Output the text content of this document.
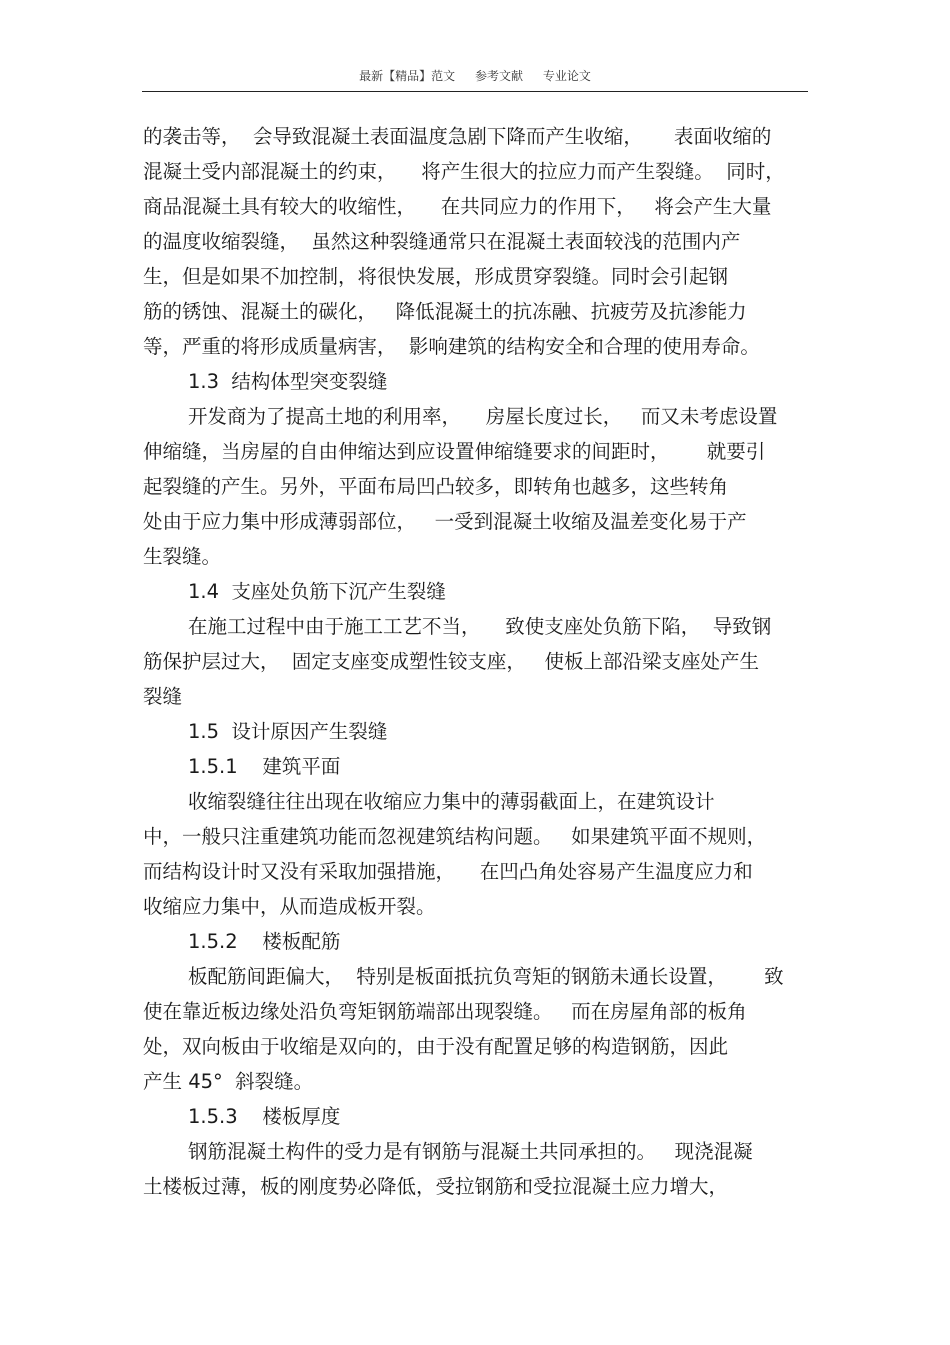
最新【精品】范文 参考文献 专业论文
的袭击等，  会导致混凝土表面温度急剧下降而产生收缩，     表面收缩的
混凝土受内部混凝土的约束，    将产生很大的拉应力而产生裂缝。  同时，
商品混凝土具有较大的收缩性，    在共同应力的作用下，   将会产生大量
的温度收缩裂缝，  虽然这种裂缝通常只在混凝土表面较浅的范围内产
生，但是如果不加控制，将很快发展，形成贯穿裂缝。同时会引起钢
筋的锈蚀、混凝土的碳化，   降低混凝土的抗冻融、抗疲劳及抗渗能力
等，严重的将形成质量病害，  影响建筑的结构安全和合理的使用寿命。
1.3  结构体型突变裂缝
开发商为了提高土地的利用率，    房屋长度过长，   而又未考虑设置
伸缩缝，当房屋的自由伸缩达到应设置伸缩缝要求的间距时，      就要引
起裂缝的产生。另外，平面布局凹凸较多，即转角也越多，这些转角
处由于应力集中形成薄弱部位，   一受到混凝土收缩及温差变化易于产
生裂缝。
1.4  支座处负筋下沉产生裂缝
在施工过程中由于施工工艺不当，    致使支座处负筋下陷，  导致钢
筋保护层过大，  固定支座变成塑性铰支座，   使板上部沿梁支座处产生
裂缝
1.5  设计原因产生裂缝
1.5.1    建筑平面
收缩裂缝往往出现在收缩应力集中的薄弱截面上，在建筑设计
中，一般只注重建筑功能而忽视建筑结构问题。   如果建筑平面不规则，
而结构设计时又没有采取加强措施，    在凹凸角处容易产生温度应力和
收缩应力集中，从而造成板开裂。
1.5.2    楼板配筋
板配筋间距偏大，  特别是板面抵抗负弯矩的钢筋未通长设置，      致
使在靠近板边缘处沿负弯矩钢筋端部出现裂缝。   而在房屋角部的板角
处，双向板由于收缩是双向的，由于没有配置足够的构造钢筋，因此
产生 45°  斜裂缝。
1.5.3    楼板厚度
钢筋混凝土构件的受力是有钢筋与混凝土共同承担的。   现浇混凝
土楼板过薄，板的刚度势必降低，受拉钢筋和受拉混凝土应力增大，
